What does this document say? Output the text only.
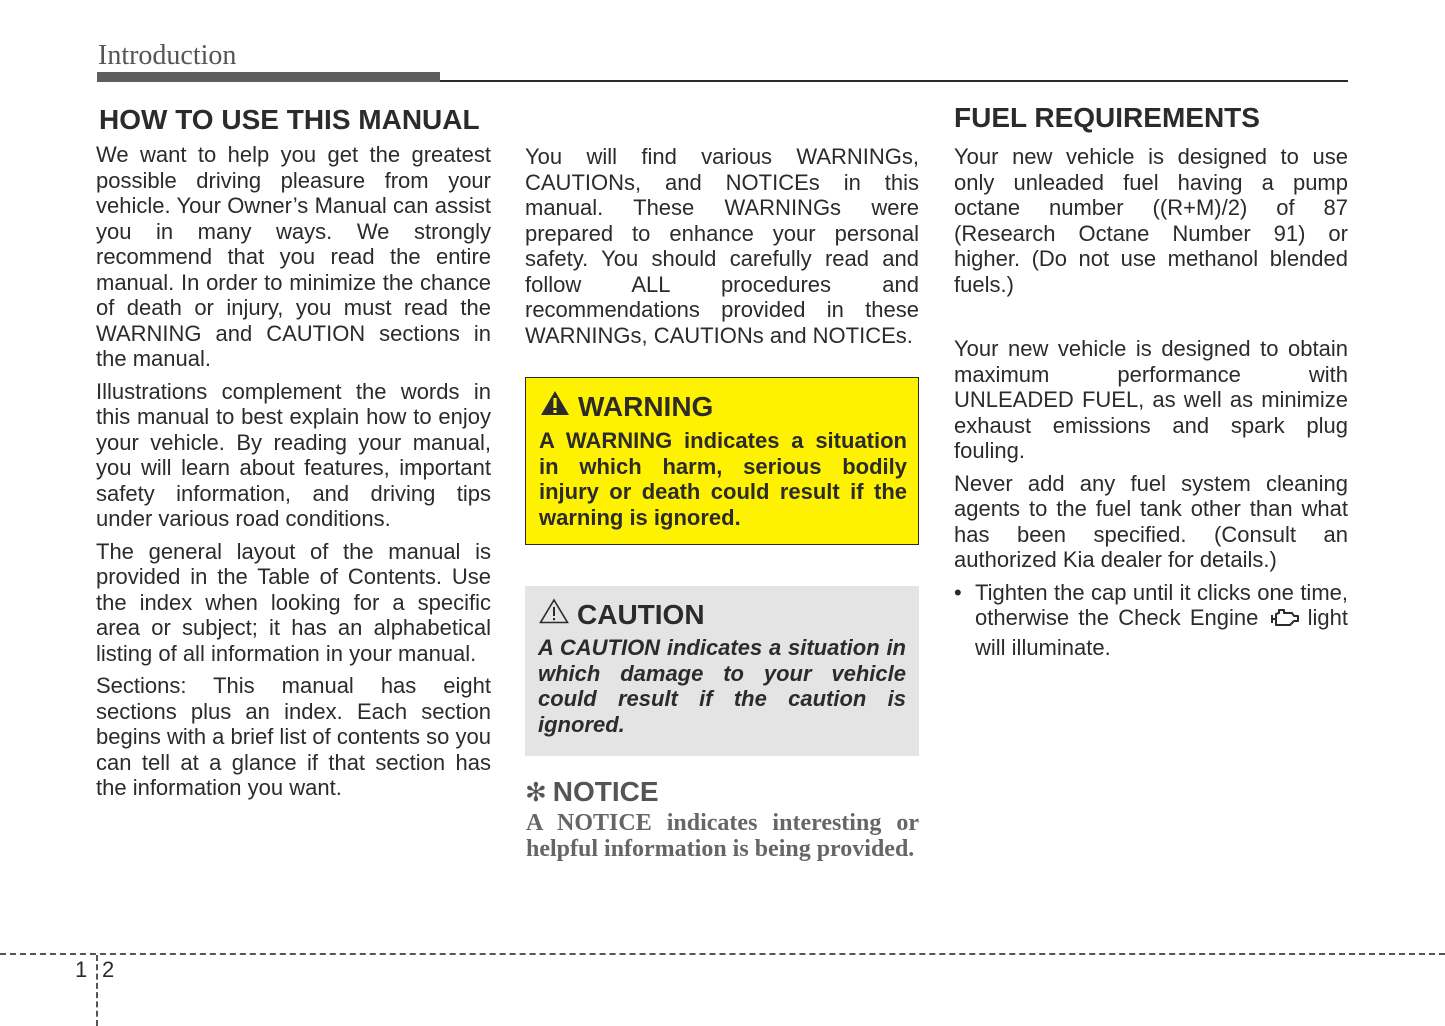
Introduction
HOW TO USE THIS MANUAL

We want to help you get the greatest possible driving pleasure from your vehicle. Your Owner’s Manual can assist you in many ways. We strongly recommend that you read the entire manual. In order to minimize the chance of death or injury, you must read the WARNING and CAUTION sections in the manual.

Illustrations complement the words in this manual to best explain how to enjoy your vehicle. By reading your manual, you will learn about features, important safety information, and driving tips under various road conditions.

The general layout of the manual is provided in the Table of Contents. Use the index when looking for a specific area or subject; it has an alphabetical listing of all information in your manual.

Sections: This manual has eight sections plus an index. Each section begins with a brief list of contents so you can tell at a glance if that section has the information you want.

You will find various WARNINGs, CAUTIONs, and NOTICEs in this manual. These WARNINGs were prepared to enhance your personal safety. You should carefully read and follow ALL procedures and recommendations provided in these WARNINGs, CAUTIONs and NOTICEs.

WARNING
A WARNING indicates a situation in which harm, serious bodily injury or death could result if the warning is ignored.
CAUTION
A CAUTION indicates a situation in which damage to your vehicle could result if the caution is ignored.
✻ NOTICE
A NOTICE indicates interesting or helpful information is being provided.
FUEL REQUIREMENTS

Your new vehicle is designed to use only unleaded fuel having a pump octane number ((R+M)/2) of 87 (Research Octane Number 91) or higher. (Do not use methanol blended fuels.)

Your new vehicle is designed to obtain maximum performance with UNLEADED FUEL, as well as minimize exhaust emissions and spark plug fouling.

Never add any fuel system cleaning agents to the fuel tank other than what has been specified. (Consult an authorized Kia dealer for details.)

• Tighten the cap until it clicks one time, otherwise the Check Engine light will illuminate.
1 2
